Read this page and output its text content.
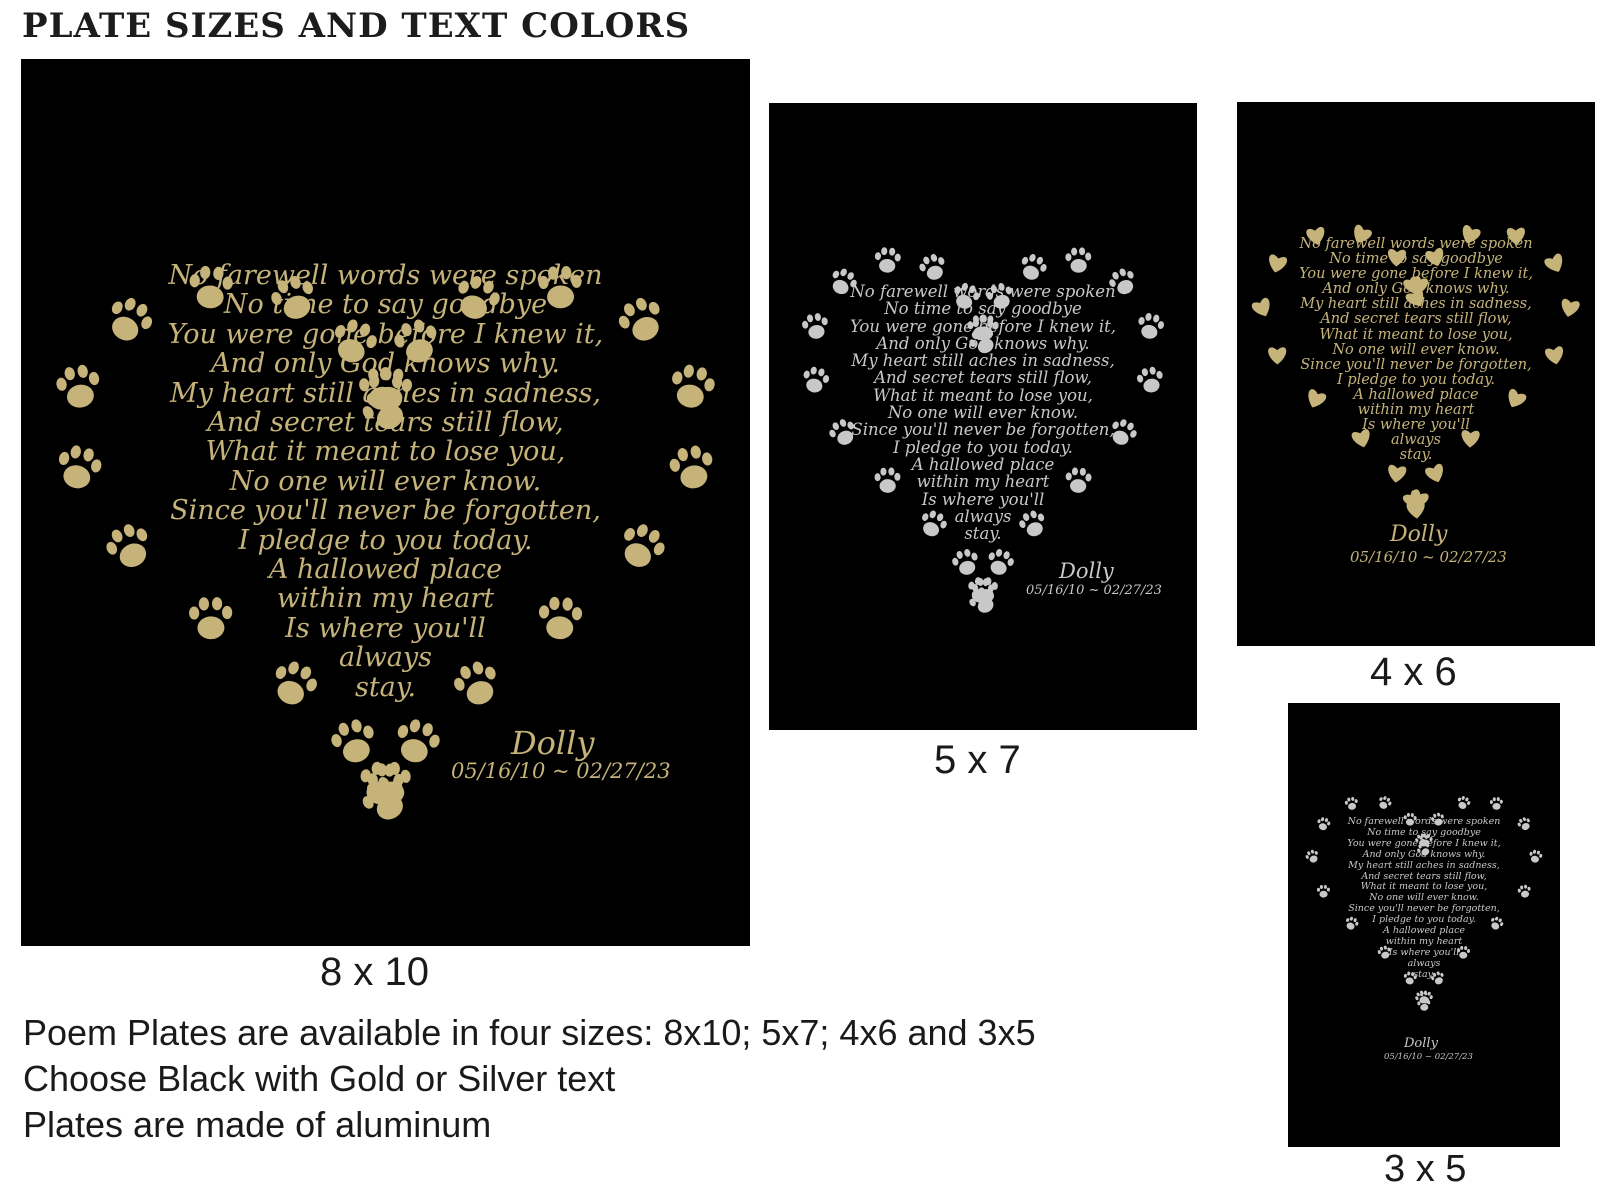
PLATE SIZES AND TEXT COLORS
No farewell words were spoken
No time to say goodbye
You were gone before I knew it,
And only God knows why.
My heart still aches in sadness,
And secret tears still flow,
What it meant to lose you,
No one will ever know.
Since you'll never be forgotten,
I pledge to you today.
A hallowed place
within my heart
Is where you'll
always
stay.
Dolly
05/16/10 ~ 02/27/23
8 x 10
No farewell words were spoken
No time to say goodbye
You were gone before I knew it,
And only God knows why.
My heart still aches in sadness,
And secret tears still flow,
What it meant to lose you,
No one will ever know.
Since you'll never be forgotten,
I pledge to you today.
A hallowed place
within my heart
Is where you'll
always
stay.
Dolly
05/16/10 ~ 02/27/23
5 x 7
No farewell words were spoken
No time to say goodbye
You were gone before I knew it,
And only God knows why.
My heart still aches in sadness,
And secret tears still flow,
What it meant to lose you,
No one will ever know.
Since you'll never be forgotten,
I pledge to you today.
A hallowed place
within my heart
Is where you'll
always
stay.
Dolly
05/16/10 ~ 02/27/23
4 x 6
No farewell words were spoken
No time to say goodbye
You were gone before I knew it,
And only God knows why.
My heart still aches in sadness,
And secret tears still flow,
What it meant to lose you,
No one will ever know.
Since you'll never be forgotten,
I pledge to you today.
A hallowed place
within my heart
Is where you'll
always
stay.
Dolly
05/16/10 ~ 02/27/23
3 x 5
Poem Plates are available in four sizes: 8x10; 5x7; 4x6 and 3x5
Choose Black with Gold or Silver text
Plates are made of aluminum
